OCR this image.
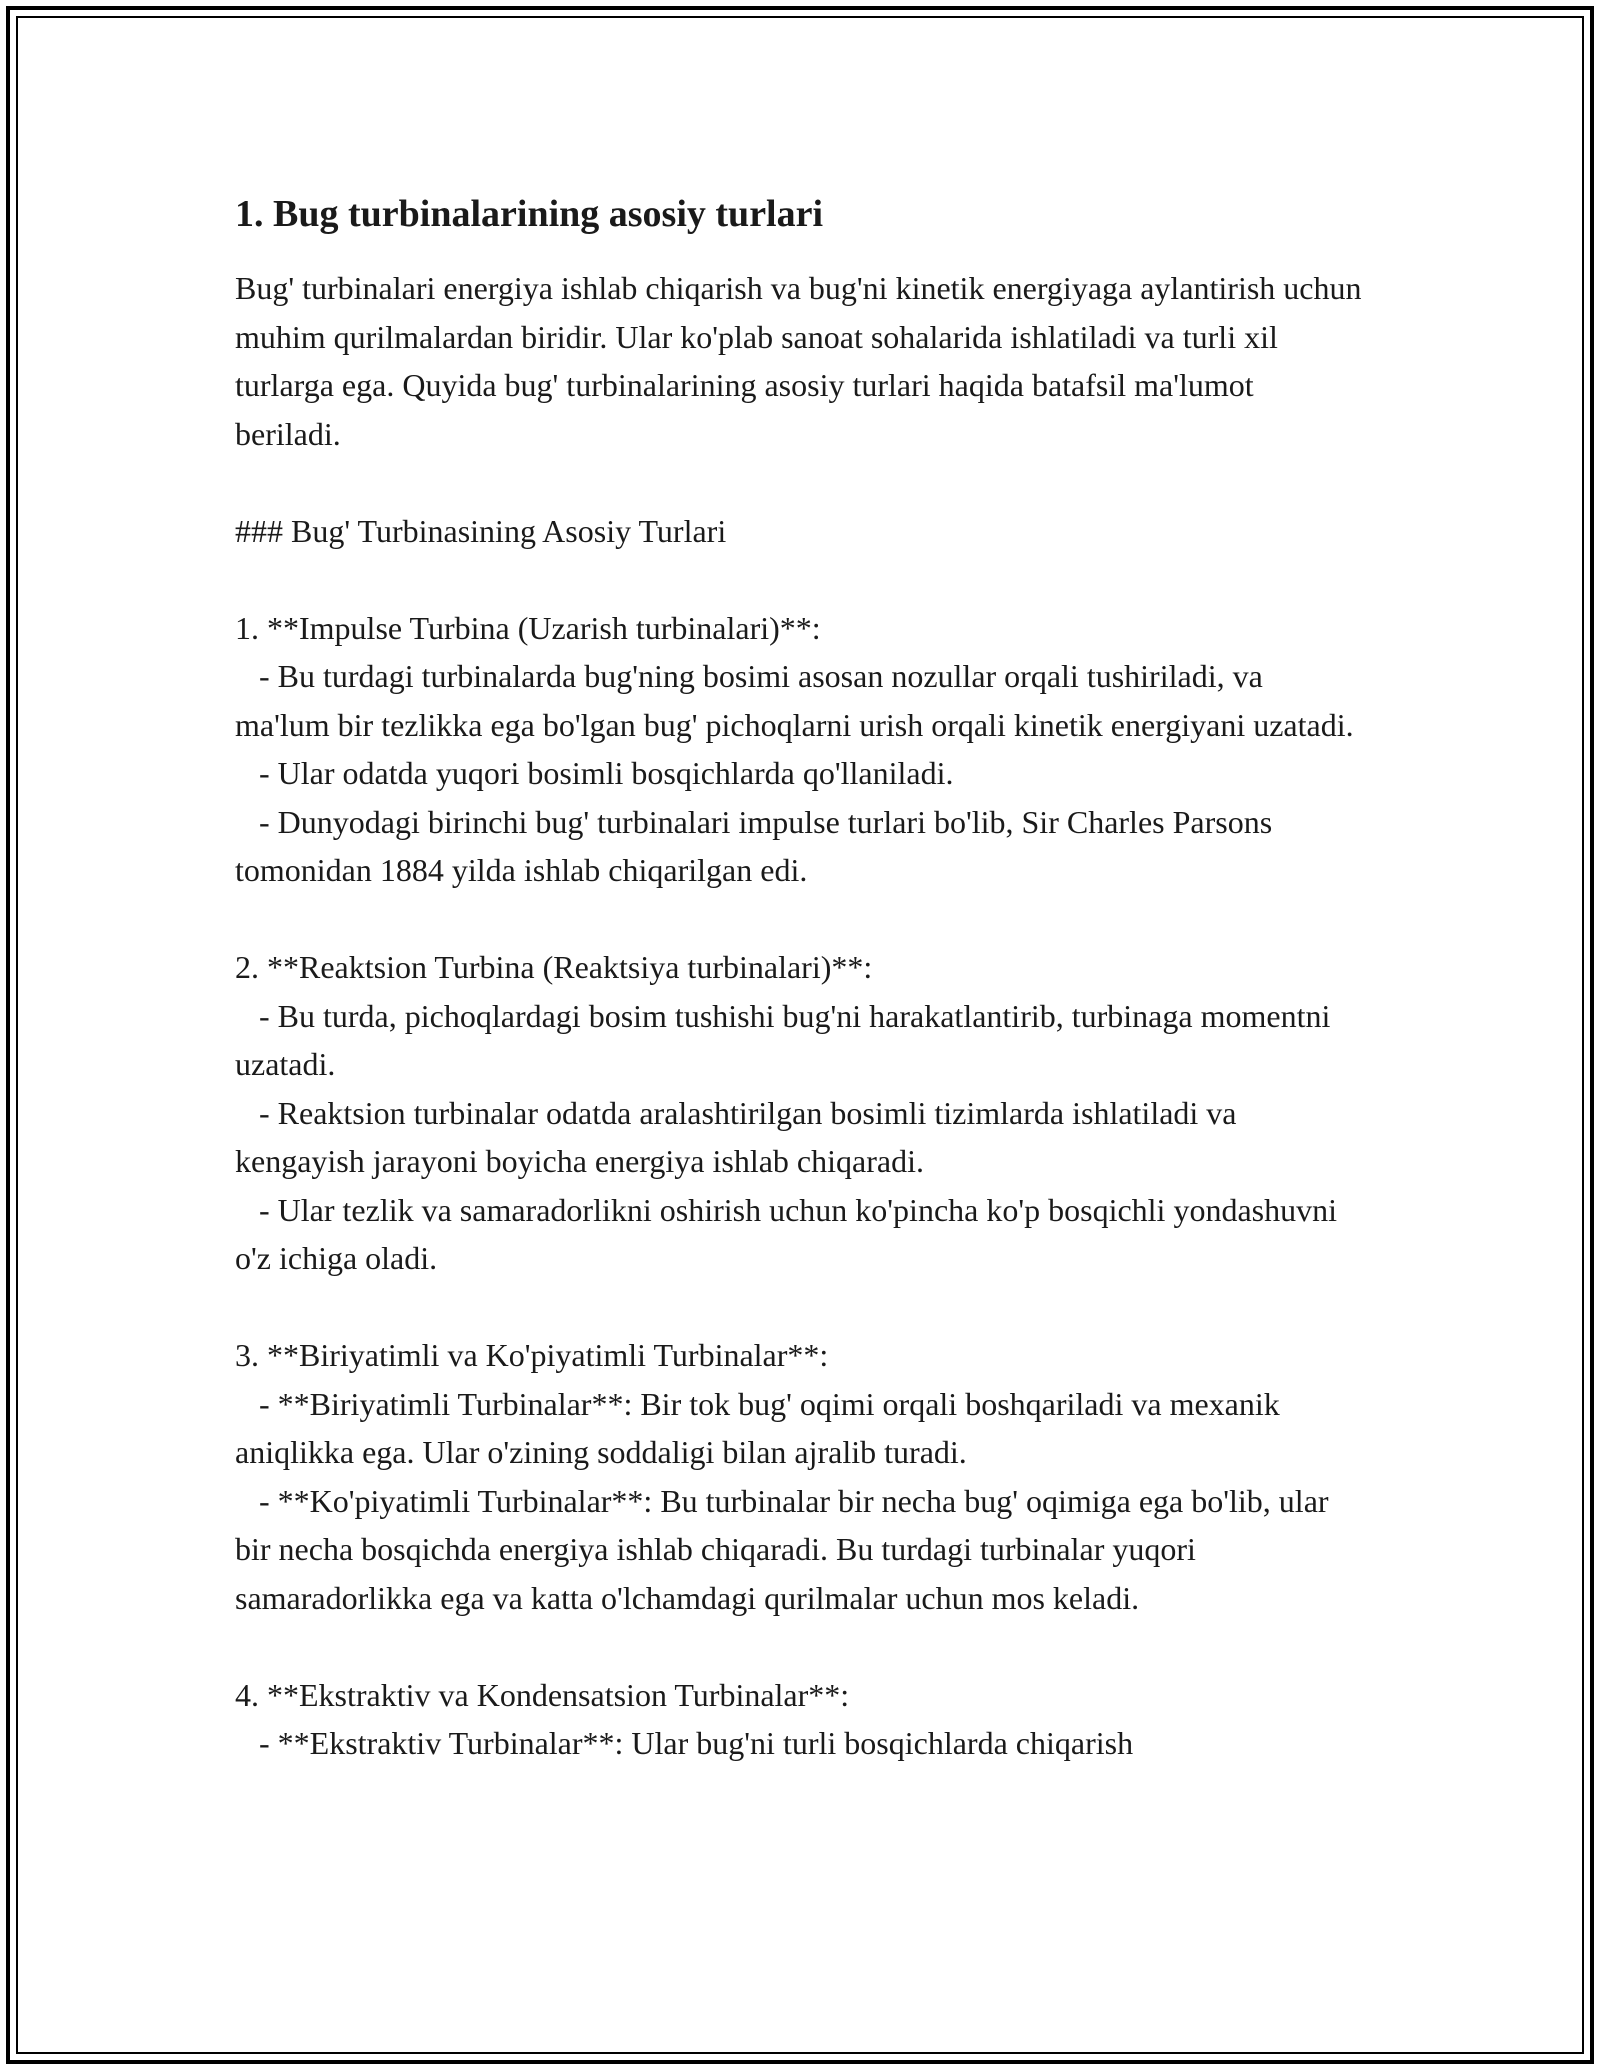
1. Bug turbinalarining asosiy turlari

Bug' turbinalari energiya ishlab chiqarish va bug'ni kinetik energiyaga aylantirish uchun muhim qurilmalardan biridir. Ular ko'plab sanoat sohalarida ishlatiladi va turli xil turlarga ega. Quyida bug' turbinalarining asosiy turlari haqida batafsil ma'lumot beriladi.

### Bug' Turbinasining Asosiy Turlari

1. **Impulse Turbina (Uzarish turbinalari)**:

- Bu turdagi turbinalarda bug'ning bosimi asosan nozullar orqali tushiriladi, va ma'lum bir tezlikka ega bo'lgan bug' pichoqlarni urish orqali kinetik energiyani uzatadi.

- Ular odatda yuqori bosimli bosqichlarda qo'llaniladi.

- Dunyodagi birinchi bug' turbinalari impulse turlari bo'lib, Sir Charles Parsons tomonidan 1884 yilda ishlab chiqarilgan edi.

2. **Reaktsion Turbina (Reaktsiya turbinalari)**:

- Bu turda, pichoqlardagi bosim tushishi bug'ni harakatlantirib, turbinaga momentni uzatadi.

- Reaktsion turbinalar odatda aralashtirilgan bosimli tizimlarda ishlatiladi va kengayish jarayoni boyicha energiya ishlab chiqaradi.

- Ular tezlik va samaradorlikni oshirish uchun ko'pincha ko'p bosqichli yondashuvni o'z ichiga oladi.

3. **Biriyatimli va Ko'piyatimli Turbinalar**:

- **Biriyatimli Turbinalar**: Bir tok bug' oqimi orqali boshqariladi va mexanik aniqlikka ega. Ular o'zining soddaligi bilan ajralib turadi.

- **Ko'piyatimli Turbinalar**: Bu turbinalar bir necha bug' oqimiga ega bo'lib, ular bir necha bosqichda energiya ishlab chiqaradi. Bu turdagi turbinalar yuqori samaradorlikka ega va katta o'lchamdagi qurilmalar uchun mos keladi.

4. **Ekstraktiv va Kondensatsion Turbinalar**:

- **Ekstraktiv Turbinalar**: Ular bug'ni turli bosqichlarda chiqarish
